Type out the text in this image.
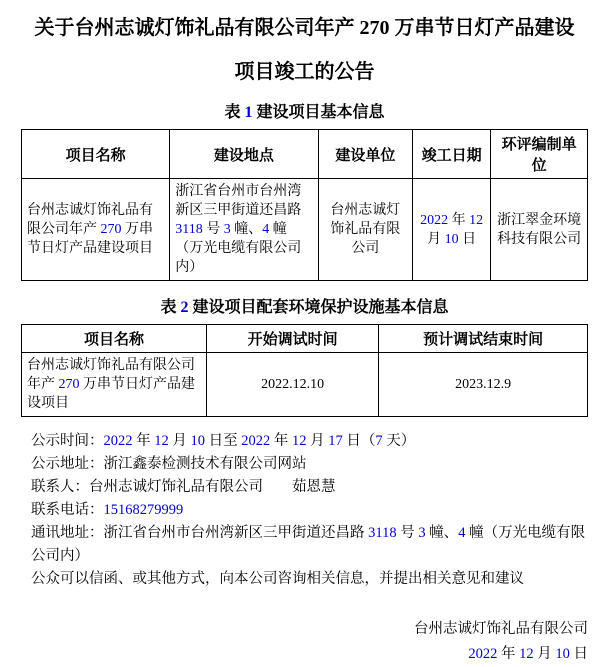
关于台州志诚灯饰礼品有限公司年产 270 万串节日灯产品建设
项目竣工的公告
表 1 建设项目基本信息
项目名称	建设地点	建设单位	竣工日期	环评编制单位
台州志诚灯饰礼品有限公司年产 270 万串节日灯产品建设项目	浙江省台州市台州湾新区三甲街道还昌路 3118 号 3 幢、4 幢（万光电缆有限公司内）	台州志诚灯饰礼品有限公司	2022 年 12 月 10 日	浙江翠金环境科技有限公司
表 2 建设项目配套环境保护设施基本信息
项目名称	开始调试时间	预计调试结束时间
台州志诚灯饰礼品有限公司年产 270 万串节日灯产品建设项目	2022.12.10	2023.12.9
公示时间：2022 年 12 月 10 日至 2022 年 12 月 17 日（7 天）
公示地址：浙江鑫泰检测技术有限公司网站
联系人：台州志诚灯饰礼品有限公司　　茹恩慧
联系电话：15168279999
通讯地址：浙江省台州市台州湾新区三甲街道还昌路 3118 号 3 幢、4 幢（万光电缆有限公司内）
公众可以信函、或其他方式，向本公司咨询相关信息，并提出相关意见和建议
台州志诚灯饰礼品有限公司
2022 年 12 月 10 日
